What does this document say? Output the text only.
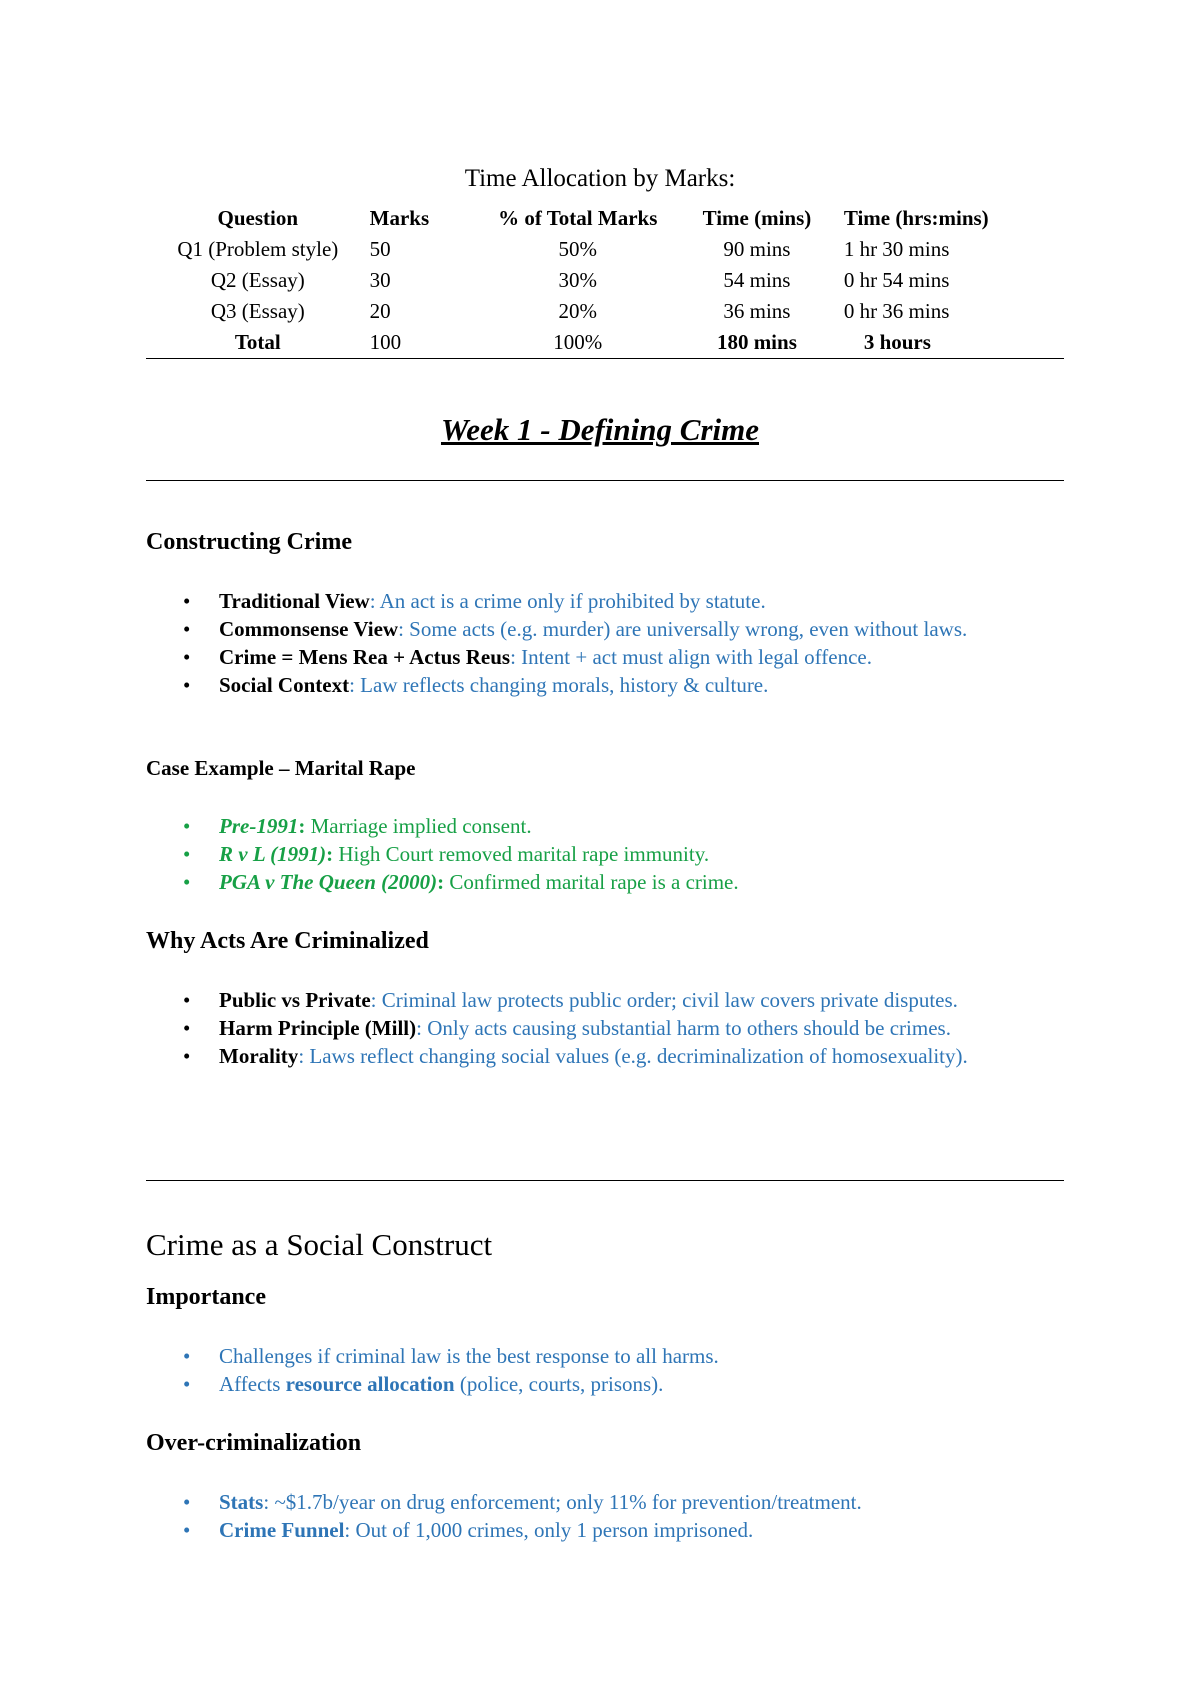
Time Allocation by Marks:
Question	Marks	% of Total Marks	Time (mins)	Time (hrs:mins)
Q1 (Problem style)	50	50%	90 mins	1 hr 30 mins
Q2 (Essay)	30	30%	54 mins	0 hr 54 mins
Q3 (Essay)	20	20%	36 mins	0 hr 36 mins
Total	100	100%	180 mins	3 hours
Week 1 - Defining Crime
Constructing Crime
• Traditional View: An act is a crime only if prohibited by statute.
• Commonsense View: Some acts (e.g. murder) are universally wrong, even without laws.
• Crime = Mens Rea + Actus Reus: Intent + act must align with legal offence.
• Social Context: Law reflects changing morals, history & culture.
Case Example – Marital Rape
• Pre-1991: Marriage implied consent.
• R v L (1991): High Court removed marital rape immunity.
• PGA v The Queen (2000): Confirmed marital rape is a crime.
Why Acts Are Criminalized
• Public vs Private: Criminal law protects public order; civil law covers private disputes.
• Harm Principle (Mill): Only acts causing substantial harm to others should be crimes.
• Morality: Laws reflect changing social values (e.g. decriminalization of homosexuality).
Crime as a Social Construct
Importance
• Challenges if criminal law is the best response to all harms.
• Affects resource allocation (police, courts, prisons).
Over-criminalization
• Stats: ~$1.7b/year on drug enforcement; only 11% for prevention/treatment.
• Crime Funnel: Out of 1,000 crimes, only 1 person imprisoned.
